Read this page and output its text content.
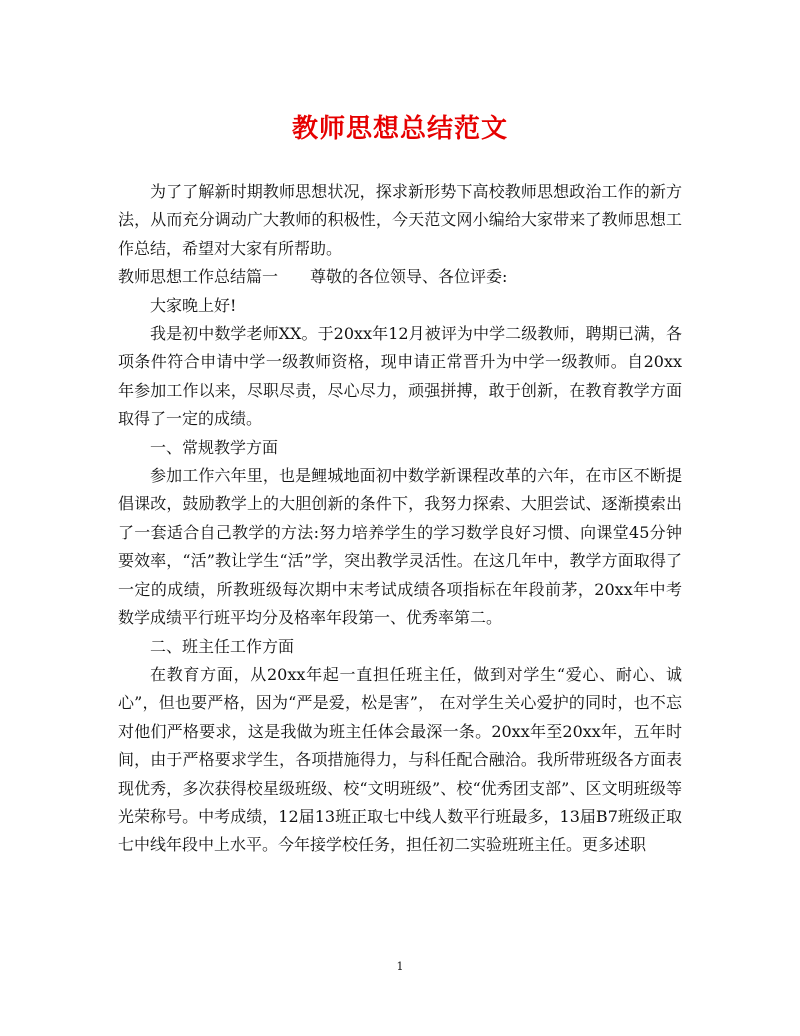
教师思想总结范文

为了了解新时期教师思想状况，探求新形势下高校教师思想政治工作的新方法，从而充分调动广大教师的积极性，今天范文网小编给大家带来了教师思想工作总结，希望对大家有所帮助。

教师思想工作总结篇一　　尊敬的各位领导、各位评委:

大家晚上好!

我是初中数学老师XX。于20xx年12月被评为中学二级教师，聘期已满，各项条件符合申请中学一级教师资格，现申请正常晋升为中学一级教师。自20xx年参加工作以来，尽职尽责，尽心尽力，顽强拼搏，敢于创新，在教育教学方面取得了一定的成绩。

一、常规教学方面

参加工作六年里，也是鲤城地面初中数学新课程改革的六年，在市区不断提倡课改，鼓励教学上的大胆创新的条件下，我努力探索、大胆尝试、逐渐摸索出了一套适合自己教学的方法:努力培养学生的学习数学良好习惯、向课堂45分钟要效率，“活”教让学生“活”学，突出教学灵活性。在这几年中，教学方面取得了一定的成绩，所教班级每次期中末考试成绩各项指标在年段前茅，20xx年中考数学成绩平行班平均分及格率年段第一、优秀率第二。

二、班主任工作方面

在教育方面，从20xx年起一直担任班主任，做到对学生“爱心、耐心、诚心”，但也要严格，因为“严是爱，松是害”， 在对学生关心爱护的同时，也不忘对他们严格要求，这是我做为班主任体会最深一条。20xx年至20xx年，五年时间，由于严格要求学生，各项措施得力，与科任配合融洽。我所带班级各方面表现优秀，多次获得校星级班级、校“文明班级”、校“优秀团支部”、区文明班级等光荣称号。中考成绩，12届13班正取七中线人数平行班最多，13届B7班级正取七中线年段中上水平。今年接学校任务，担任初二实验班班主任。更多述职

1
